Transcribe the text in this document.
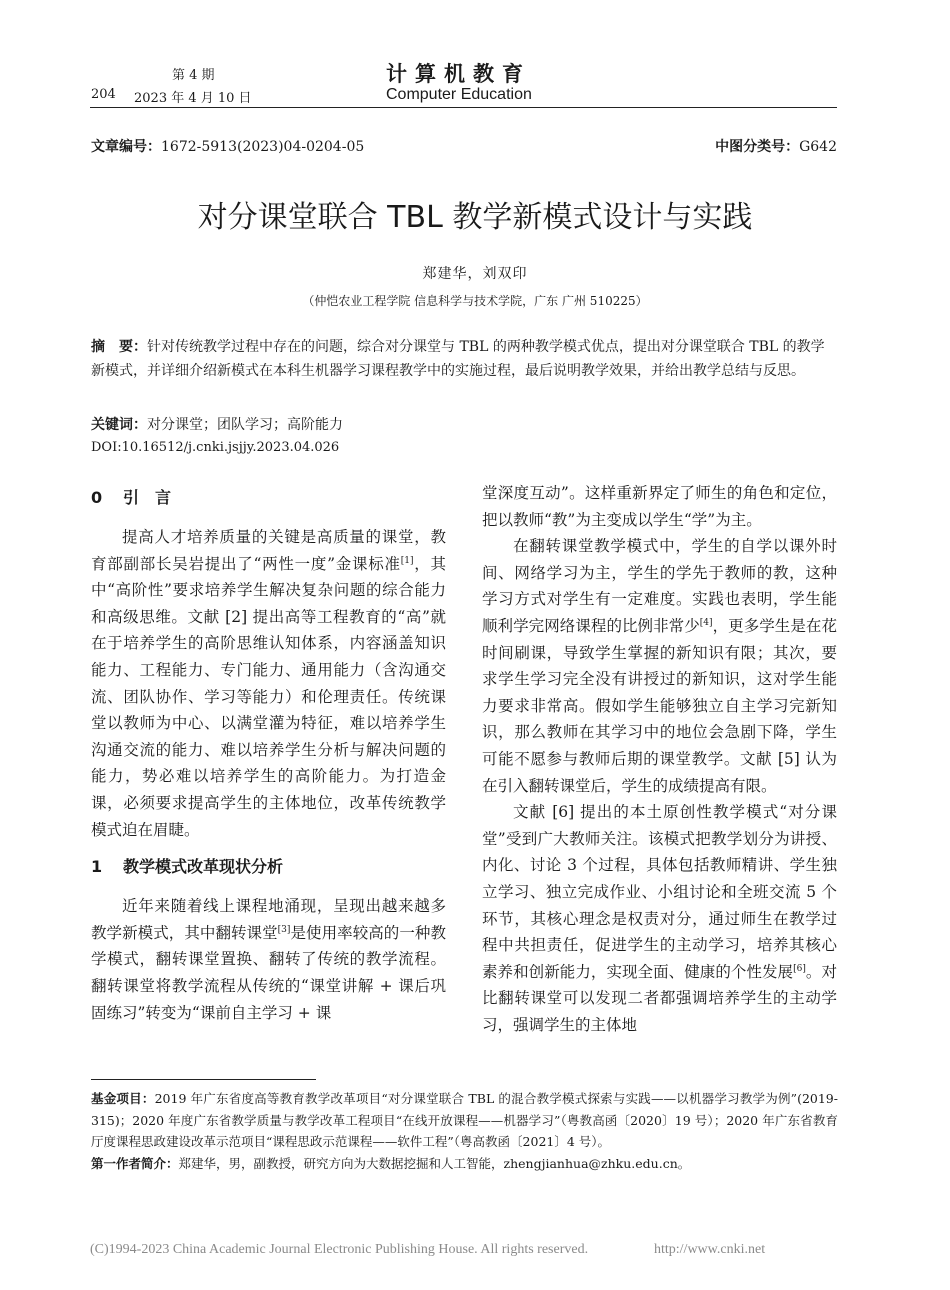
第 4 期
204 2023 年 4 月 10 日
计算机教育
Computer Education
文章编号：1672-5913(2023)04-0204-05	中图分类号：G642
对分课堂联合 TBL 教学新模式设计与实践
郑建华，刘双印
（仲恺农业工程学院 信息科学与技术学院，广东 广州 510225）
摘　要：针对传统教学过程中存在的问题，综合对分课堂与 TBL 的两种教学模式优点，提出对分课堂联合 TBL 的教学新模式，并详细介绍新模式在本科生机器学习课程教学中的实施过程，最后说明教学效果，并给出教学总结与反思。
关键词：对分课堂；团队学习；高阶能力
DOI:10.16512/j.cnki.jsjjy.2023.04.026
0 引　言

提高人才培养质量的关键是高质量的课堂，教育部副部长吴岩提出了“两性一度”金课标准[1]，其中“高阶性”要求培养学生解决复杂问题的综合能力和高级思维。文献 [2] 提出高等工程教育的“高”就在于培养学生的高阶思维认知体系，内容涵盖知识能力、工程能力、专门能力、通用能力（含沟通交流、团队协作、学习等能力）和伦理责任。传统课堂以教师为中心、以满堂灌为特征，难以培养学生沟通交流的能力、难以培养学生分析与解决问题的能力，势必难以培养学生的高阶能力。为打造金课，必须要求提高学生的主体地位，改革传统教学模式迫在眉睫。

1 教学模式改革现状分析

近年来随着线上课程地涌现，呈现出越来越多教学新模式，其中翻转课堂[3]是使用率较高的一种教学模式，翻转课堂置换、翻转了传统的教学流程。翻转课堂将教学流程从传统的“课堂讲解 + 课后巩固练习”转变为“课前自主学习 + 课

堂深度互动”。这样重新界定了师生的角色和定位，把以教师“教”为主变成以学生“学”为主。

在翻转课堂教学模式中，学生的自学以课外时间、网络学习为主，学生的学先于教师的教，这种学习方式对学生有一定难度。实践也表明，学生能顺利学完网络课程的比例非常少[4]，更多学生是在花时间刷课，导致学生掌握的新知识有限；其次，要求学生学习完全没有讲授过的新知识，这对学生能力要求非常高。假如学生能够独立自主学习完新知识，那么教师在其学习中的地位会急剧下降，学生可能不愿参与教师后期的课堂教学。文献 [5] 认为在引入翻转课堂后，学生的成绩提高有限。

文献 [6] 提出的本土原创性教学模式“对分课堂”受到广大教师关注。该模式把教学划分为讲授、内化、讨论 3 个过程，具体包括教师精讲、学生独立学习、独立完成作业、小组讨论和全班交流 5 个环节，其核心理念是权责对分，通过师生在教学过程中共担责任，促进学生的主动学习，培养其核心素养和创新能力，实现全面、健康的个性发展[6]。对比翻转课堂可以发现二者都强调培养学生的主动学习，强调学生的主体地

基金项目：2019 年广东省度高等教育教学改革项目“对分课堂联合 TBL 的混合教学模式探索与实践——以机器学习教学为例”(2019-315)；2020 年度广东省教学质量与教学改革工程项目“在线开放课程——机器学习”（粤教高函〔2020〕19 号）；2020 年广东省教育厅度课程思政建设改革示范项目“课程思政示范课程——软件工程”（粤高教函〔2021〕4 号）。

第一作者简介：郑建华，男，副教授，研究方向为大数据挖掘和人工智能，zhengjianhua@zhku.edu.cn。

(C)1994-2023 China Academic Journal Electronic Publishing House. All rights reserved.	http://www.cnki.net
